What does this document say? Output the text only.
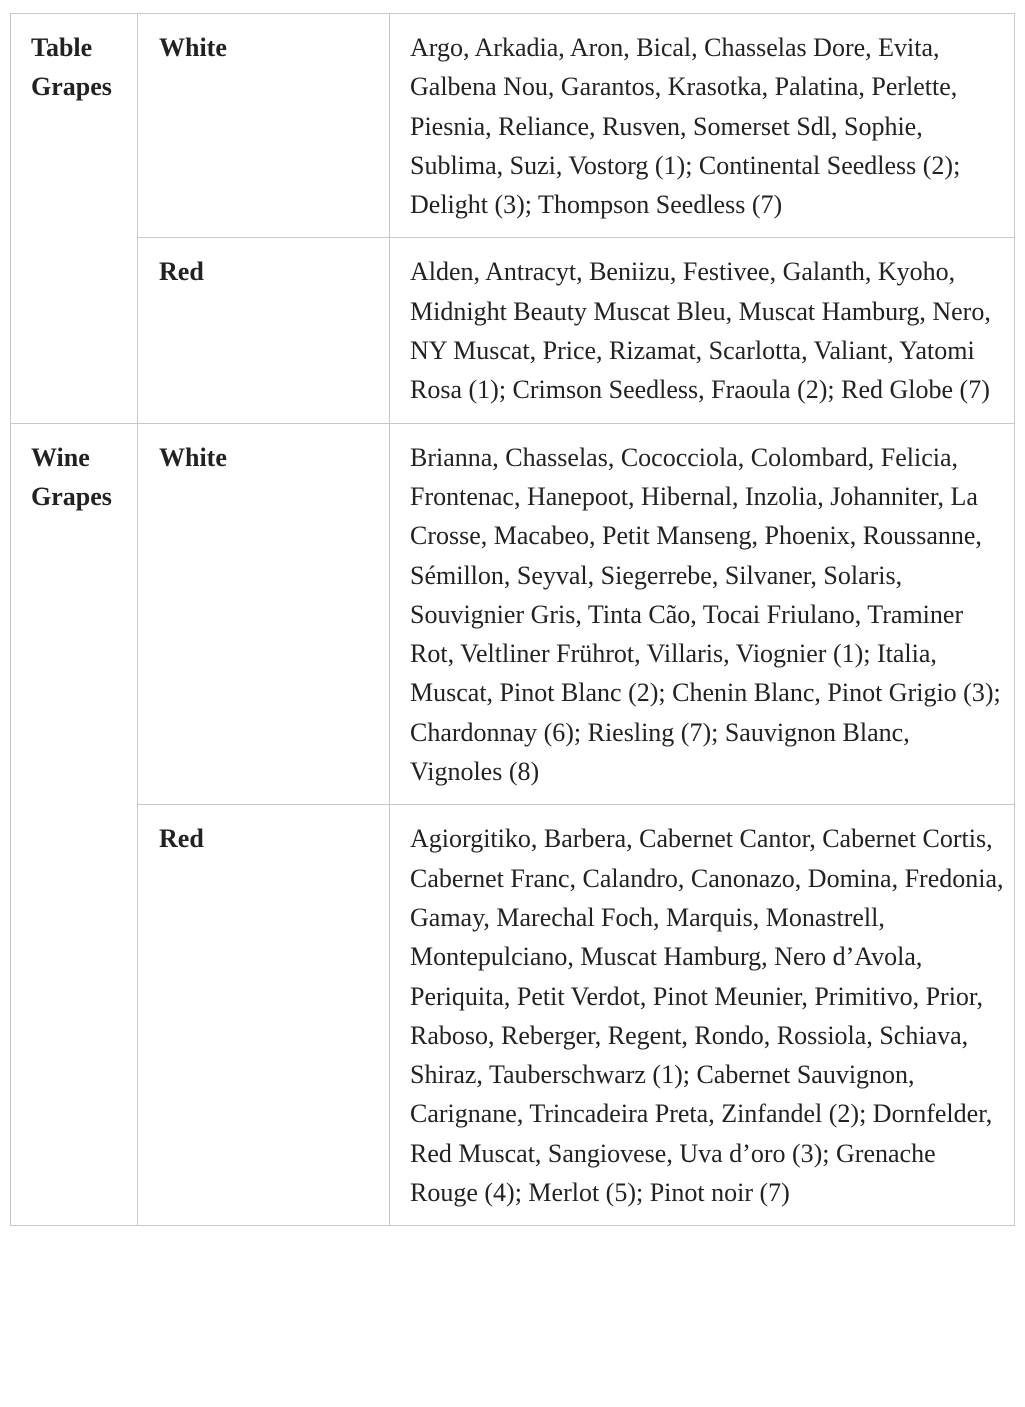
Table
Grapes	White	Argo, Arkadia, Aron, Bical, Chasselas Dore, Evita, Galbena Nou, Garantos, Krasotka, Palatina, Perlette, Piesnia, Reliance, Rusven, Somerset Sdl, Sophie, Sublima, Suzi, Vostorg (1); Continental Seedless (2); Delight (3); Thompson Seedless (7)

	Red	Alden, Antracyt, Beniizu, Festivee, Galanth, Kyoho, Midnight Beauty Muscat Bleu, Muscat Hamburg, Nero, NY Muscat, Price, Rizamat, Scarlotta, Valiant, Yatomi Rosa (1); Crimson Seedless, Fraoula (2); Red Globe (7)

Wine
Grapes	White	Brianna, Chasselas, Cococciola, Colombard, Felicia, Frontenac, Hanepoot, Hibernal, Inzolia, Johanniter, La Crosse, Macabeo, Petit Manseng, Phoenix, Roussanne, Sémillon, Seyval, Siegerrebe, Silvaner, Solaris, Souvignier Gris, Tinta Cão, Tocai Friulano, Traminer Rot, Veltliner Frührot, Villaris, Viognier (1); Italia, Muscat, Pinot Blanc (2); Chenin Blanc, Pinot Grigio (3); Chardonnay (6); Riesling (7); Sauvignon Blanc, Vignoles (8)

	Red	Agiorgitiko, Barbera, Cabernet Cantor, Cabernet Cortis, Cabernet Franc, Calandro, Canonazo, Domina, Fredonia, Gamay, Marechal Foch, Marquis, Monastrell, Montepulciano, Muscat Hamburg, Nero d’Avola, Periquita, Petit Verdot, Pinot Meunier, Primitivo, Prior, Raboso, Reberger, Regent, Rondo, Rossiola, Schiava, Shiraz, Tauberschwarz (1); Cabernet Sauvignon, Carignane, Trincadeira Preta, Zinfandel (2); Dornfelder, Red Muscat, Sangiovese, Uva d’oro (3); Grenache Rouge (4); Merlot (5); Pinot noir (7)
